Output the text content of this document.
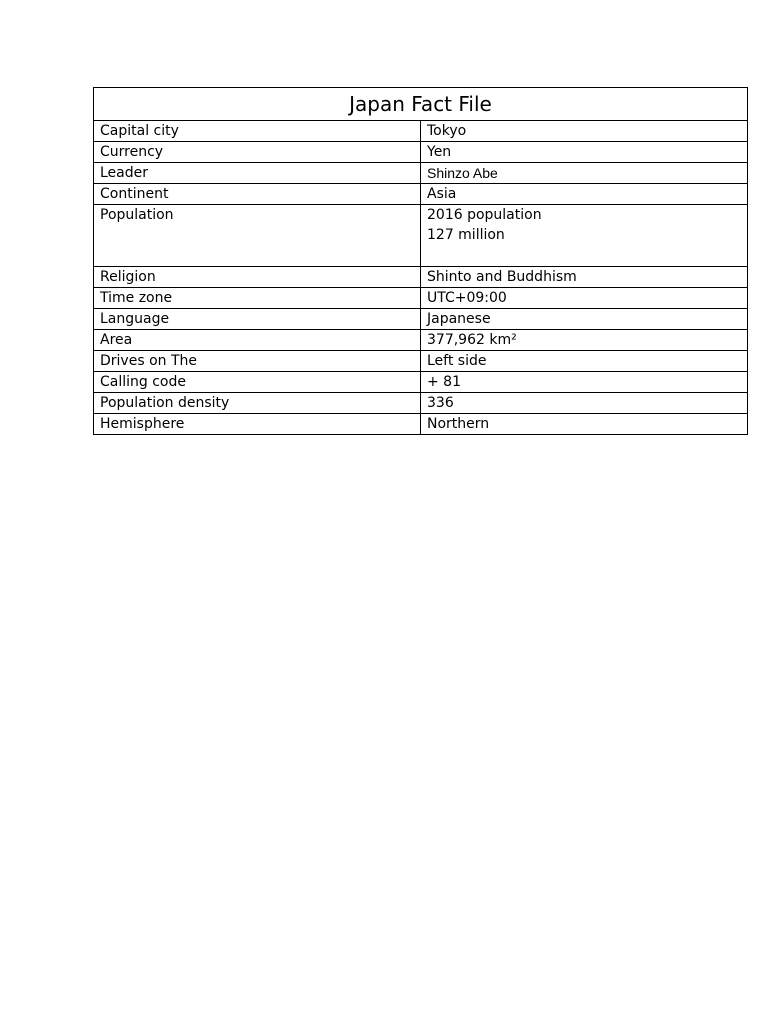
Japan Fact File	
Capital city	Tokyo
Currency	Yen
Leader	Shinzo Abe
Continent	Asia
Population	2016 population
127 million

Religion	Shinto and Buddhism
Time zone	UTC+09:00
Language	Japanese
Area	377,962 km²
Drives on The	Left side
Calling code	+ 81
Population density	336
Hemisphere	Northern
